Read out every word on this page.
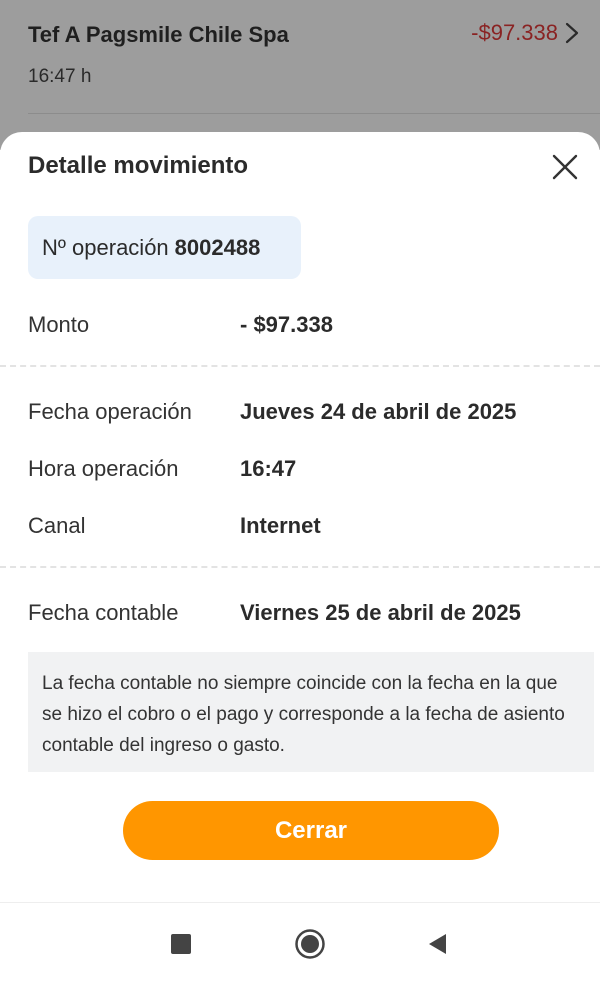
Tef A Pagsmile Chile Spa
16:47 h
-$97.338
Detalle movimiento
Nº operación 8002488
Monto	- $97.338
Fecha operación	Jueves 24 de abril de 2025
Hora operación	16:47
Canal	Internet
Fecha contable	Viernes 25 de abril de 2025
La fecha contable no siempre coincide con la fecha en la que se hizo el cobro o el pago y corresponde a la fecha de asiento contable del ingreso o gasto.
Cerrar
